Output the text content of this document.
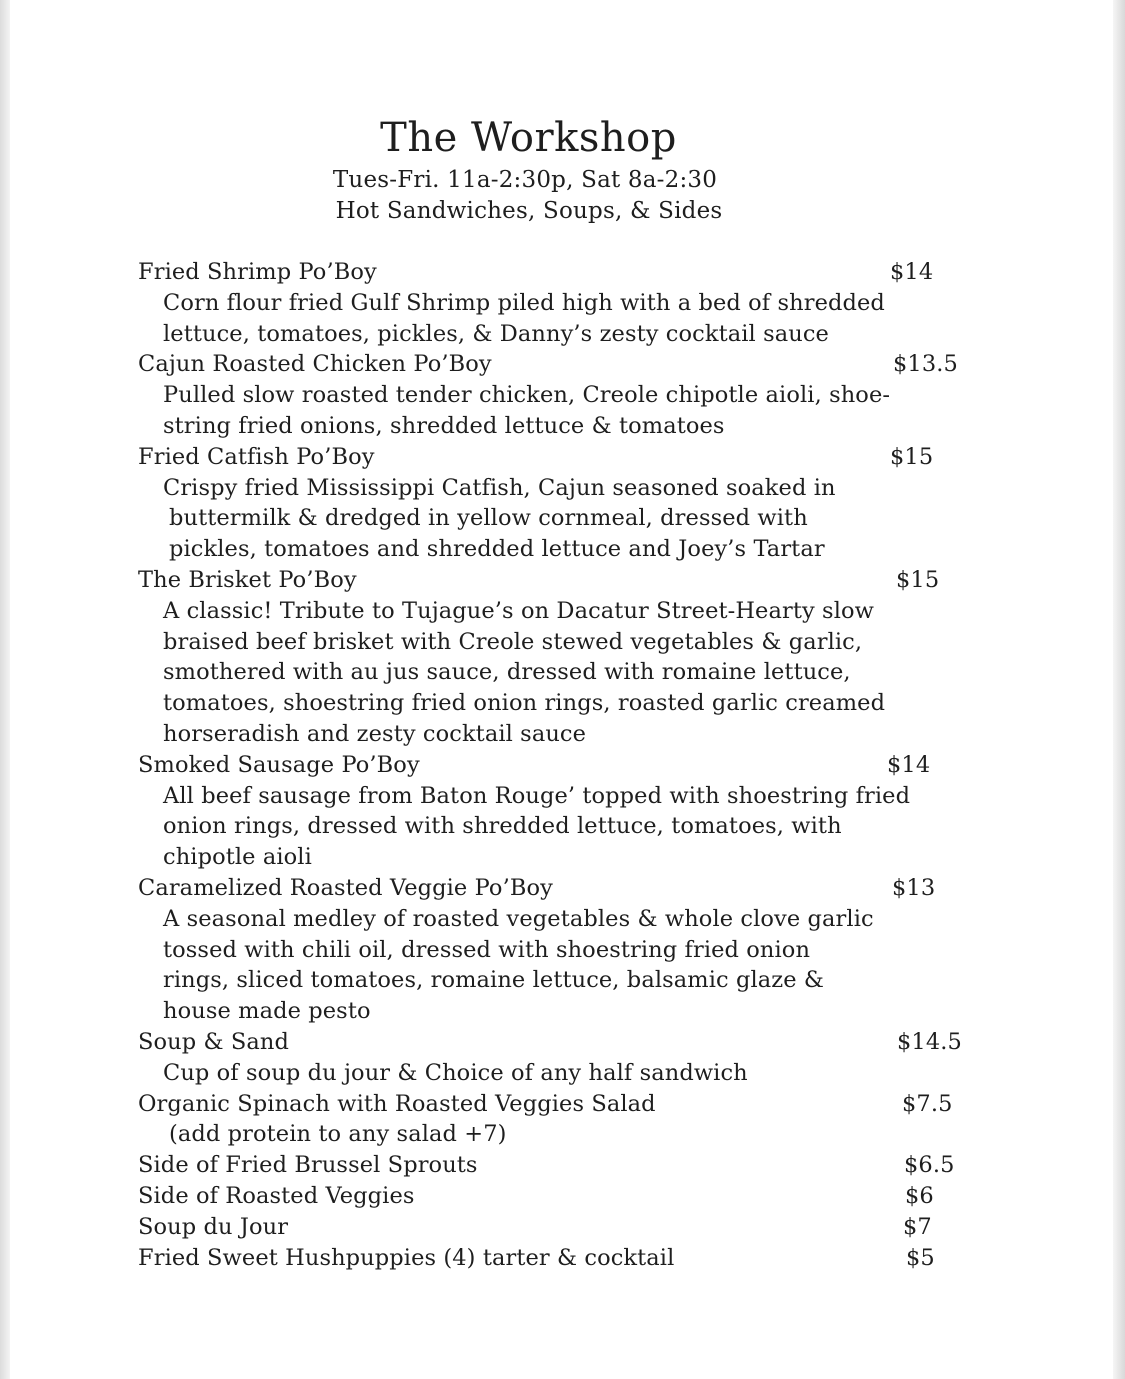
The Workshop
Tues-Fri. 11a-2:30p, Sat 8a-2:30
Hot Sandwiches, Soups, & Sides
Fried Shrimp Po’Boy	$14
Corn flour fried Gulf Shrimp piled high with a bed of shredded
lettuce, tomatoes, pickles, & Danny’s zesty cocktail sauce
Cajun Roasted Chicken Po’Boy	$13.5
Pulled slow roasted tender chicken, Creole chipotle aioli, shoe-
string fried onions, shredded lettuce & tomatoes
Fried Catfish Po’Boy	$15
Crispy fried Mississippi Catfish, Cajun seasoned soaked in
buttermilk & dredged in yellow cornmeal, dressed with
pickles, tomatoes and shredded lettuce and Joey’s Tartar
The Brisket Po’Boy	$15
A classic! Tribute to Tujague’s on Dacatur Street-Hearty slow
braised beef brisket with Creole stewed vegetables & garlic,
smothered with au jus sauce, dressed with romaine lettuce,
tomatoes, shoestring fried onion rings, roasted garlic creamed
horseradish and zesty cocktail sauce
Smoked Sausage Po’Boy	$14
All beef sausage from Baton Rouge’ topped with shoestring fried
onion rings, dressed with shredded lettuce, tomatoes, with
chipotle aioli
Caramelized Roasted Veggie Po’Boy	$13
A seasonal medley of roasted vegetables & whole clove garlic
tossed with chili oil, dressed with shoestring fried onion
rings, sliced tomatoes, romaine lettuce, balsamic glaze &
house made pesto
Soup & Sand	$14.5
Cup of soup du jour & Choice of any half sandwich
Organic Spinach with Roasted Veggies Salad	$7.5
(add protein to any salad +7)
Side of Fried Brussel Sprouts	$6.5
Side of Roasted Veggies	$6
Soup du Jour	$7
Fried Sweet Hushpuppies (4) tarter & cocktail	$5
